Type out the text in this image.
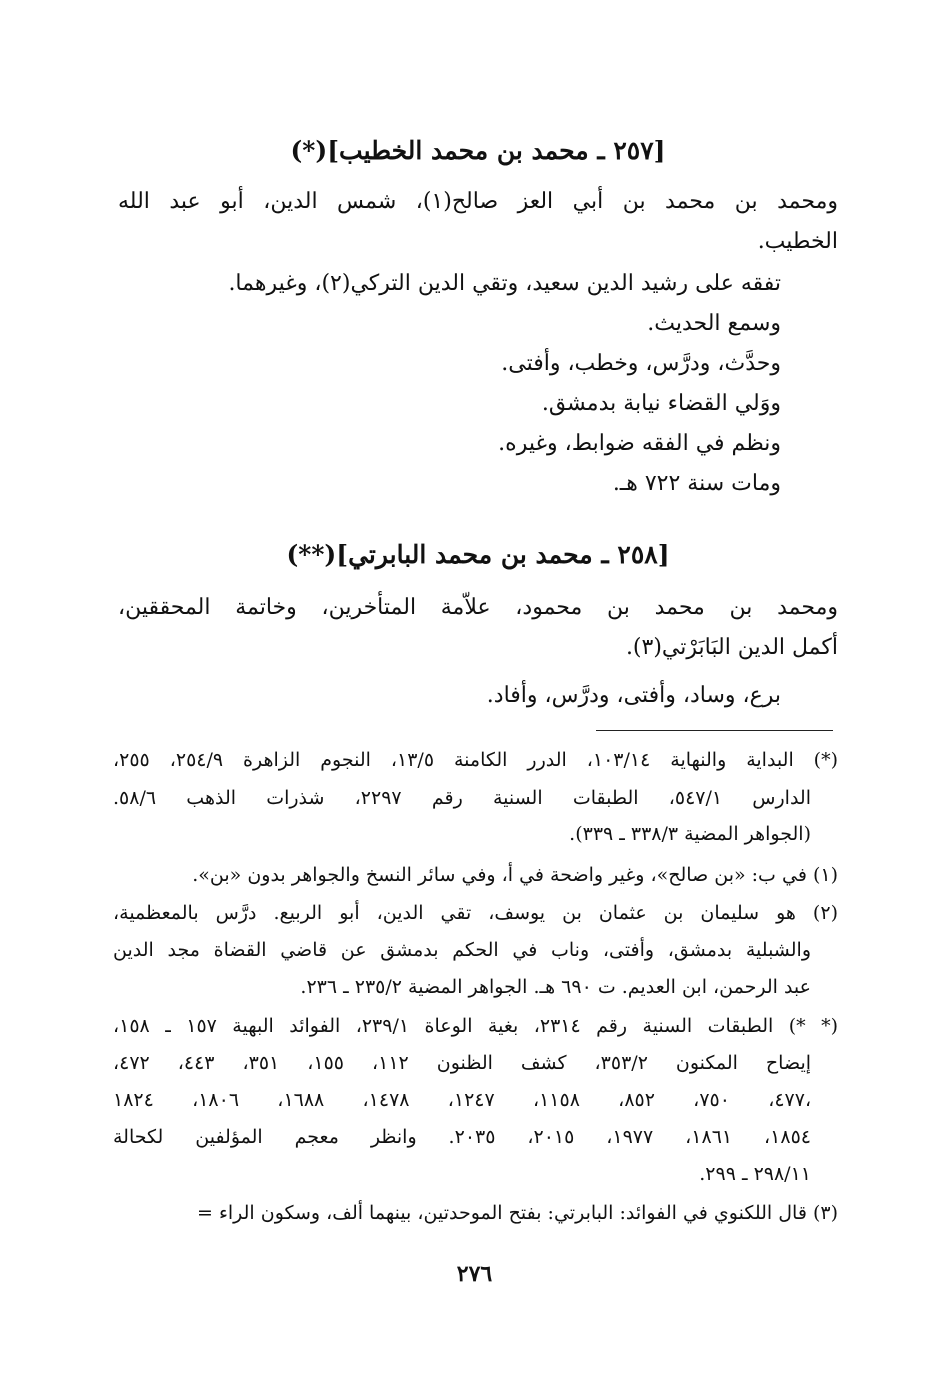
[٢٥٧ ـ محمد بن محمد الخطيب](*)
ومحمد بن محمد بن أبي العز صالح(١)، شمس الدين، أبو عبد الله
الخطيب.
تفقه على رشيد الدين سعيد، وتقي الدين التركي(٢)، وغيرهما.
وسمع الحديث.
وحدَّث، ودرَّس، وخطب، وأفتى.
ووَلي القضاء نيابة بدمشق.
ونظم في الفقه ضوابط، وغيره.
ومات سنة ٧٢٢ هـ.
[٢٥٨ ـ محمد بن محمد البابرتي](**)
ومحمد بن محمد بن محمود، علاّمة المتأخرين، وخاتمة المحققين،
أكمل الدين البَابَرْتي(٣).
برع، وساد، وأفتى، ودرَّس، وأفاد.
(*) البداية والنهاية ١٠٣/١٤، الدرر الكامنة ١٣/٥، النجوم الزاهرة ٢٥٤/٩، ٢٥٥،
الدارس ٥٤٧/١، الطبقات السنية رقم ٢٢٩٧، شذرات الذهب ٥٨/٦.
(الجواهر المضية ٣٣٨/٣ ـ ٣٣٩).
(١) في ب: «بن صالح»، وغير واضحة في أ، وفي سائر النسخ والجواهر بدون «بن».
(٢) هو سليمان بن عثمان بن يوسف، تقي الدين، أبو الربيع. درَّس بالمعظمية،
والشبلية بدمشق، وأفتى، وناب في الحكم بدمشق عن قاضي القضاة مجد الدين
عبد الرحمن، ابن العديم. ت ٦٩٠ هـ. الجواهر المضية ٢٣٥/٢ ـ ٢٣٦.
(* *) الطبقات السنية رقم ٢٣١٤، بغية الوعاة ٢٣٩/١، الفوائد البهية ١٥٧ ـ ١٥٨،
إيضاح المكنون ٣٥٣/٢، كشف الظنون ١١٢، ١٥٥، ٣٥١، ٤٤٣، ٤٧٢،
٤٧٧، ٧٥٠، ٨٥٢، ١١٥٨، ١٢٤٧، ١٤٧٨، ١٦٨٨، ١٨٠٦، ١٨٢٤،
١٨٥٤، ١٨٦١، ١٩٧٧، ٢٠١٥، ٢٠٣٥. وانظر معجم المؤلفين لكحالة
٢٩٨/١١ ـ ٢٩٩.
(٣) قال اللكنوي في الفوائد: البابرتي: بفتح الموحدتين، بينهما ألف، وسكون الراء =
٢٧٦
